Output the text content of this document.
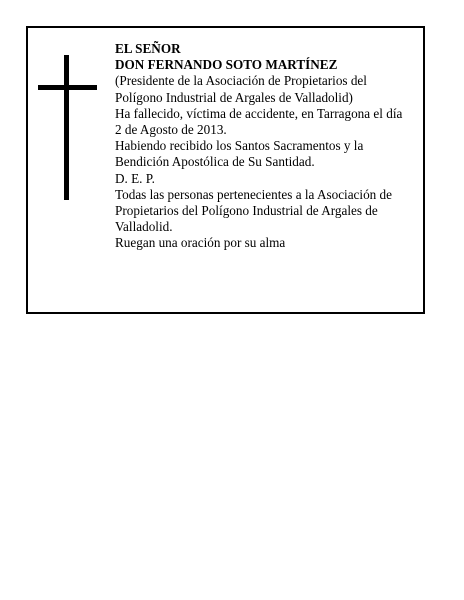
EL SEÑOR
DON FERNANDO SOTO MARTÍNEZ
(Presidente de la Asociación de Propietarios del
Polígono Industrial de Argales de Valladolid)
Ha fallecido, víctima de accidente, en Tarragona el día
2 de Agosto de 2013.
Habiendo recibido los Santos Sacramentos y la
Bendición Apostólica de Su Santidad.
D. E. P.
Todas las personas pertenecientes a la Asociación de
Propietarios del Polígono Industrial de Argales de
Valladolid.
Ruegan una oración por su alma
